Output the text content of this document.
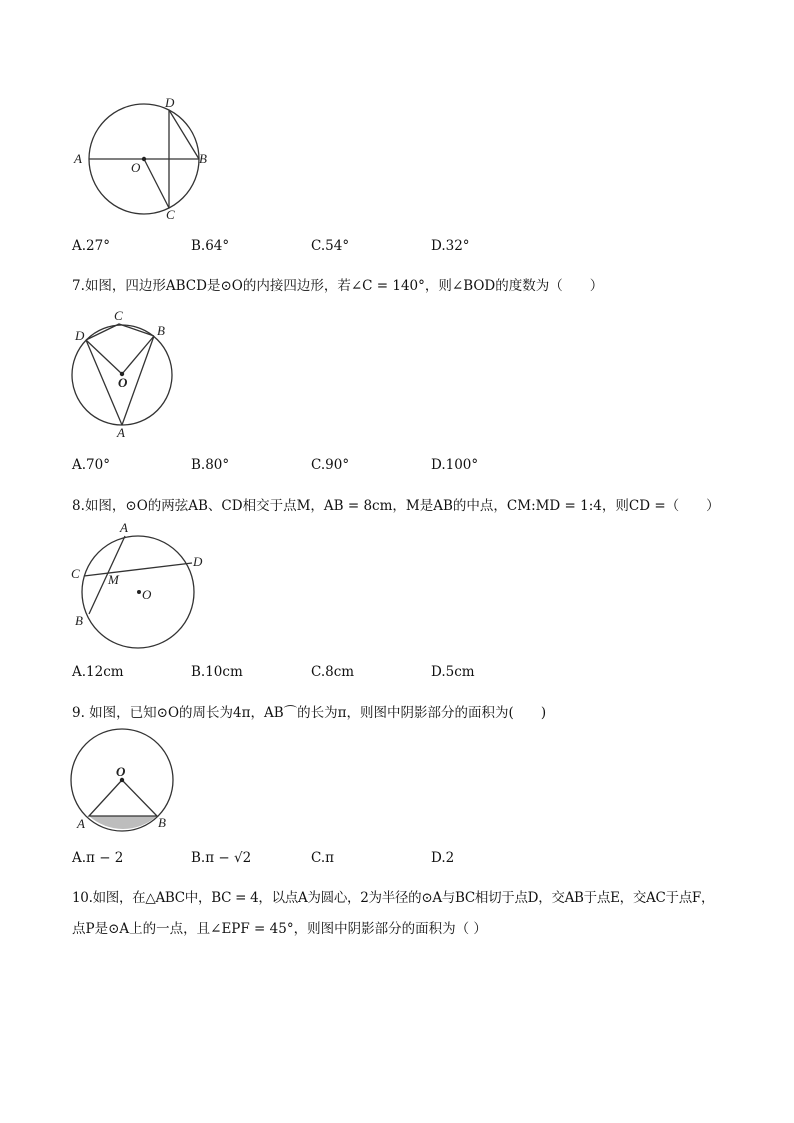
A
O
D
B
C
D
C
B
O
A
A
C M
D
O
B
O
A	B
A.27°	B.64°	C.54°	D.32°
7.如图，四边形ABCD是⊙O的内接四边形，若∠C = 140°，则∠BOD的度数为（　　）
A.70°	B.80°	C.90°	D.100°
8.如图，⊙O的两弦AB、CD相交于点M，AB = 8cm，M是AB的中点，CM:MD = 1:4，则CD =（　　）
A.12cm	B.10cm	C.8cm	D.5cm
9. 如图，已知⊙O的周长为4π，AB⌒的长为π，则图中阴影部分的面积为(　　)
A.π − 2	B.π − √2	C.π	D.2
10.如图，在△ABC中，BC = 4，以点A为圆心，2为半径的⊙A与BC相切于点D，交AB于点E，交AC于点F，
点P是⊙A上的一点，且∠EPF = 45°，则图中阴影部分的面积为（ ）
